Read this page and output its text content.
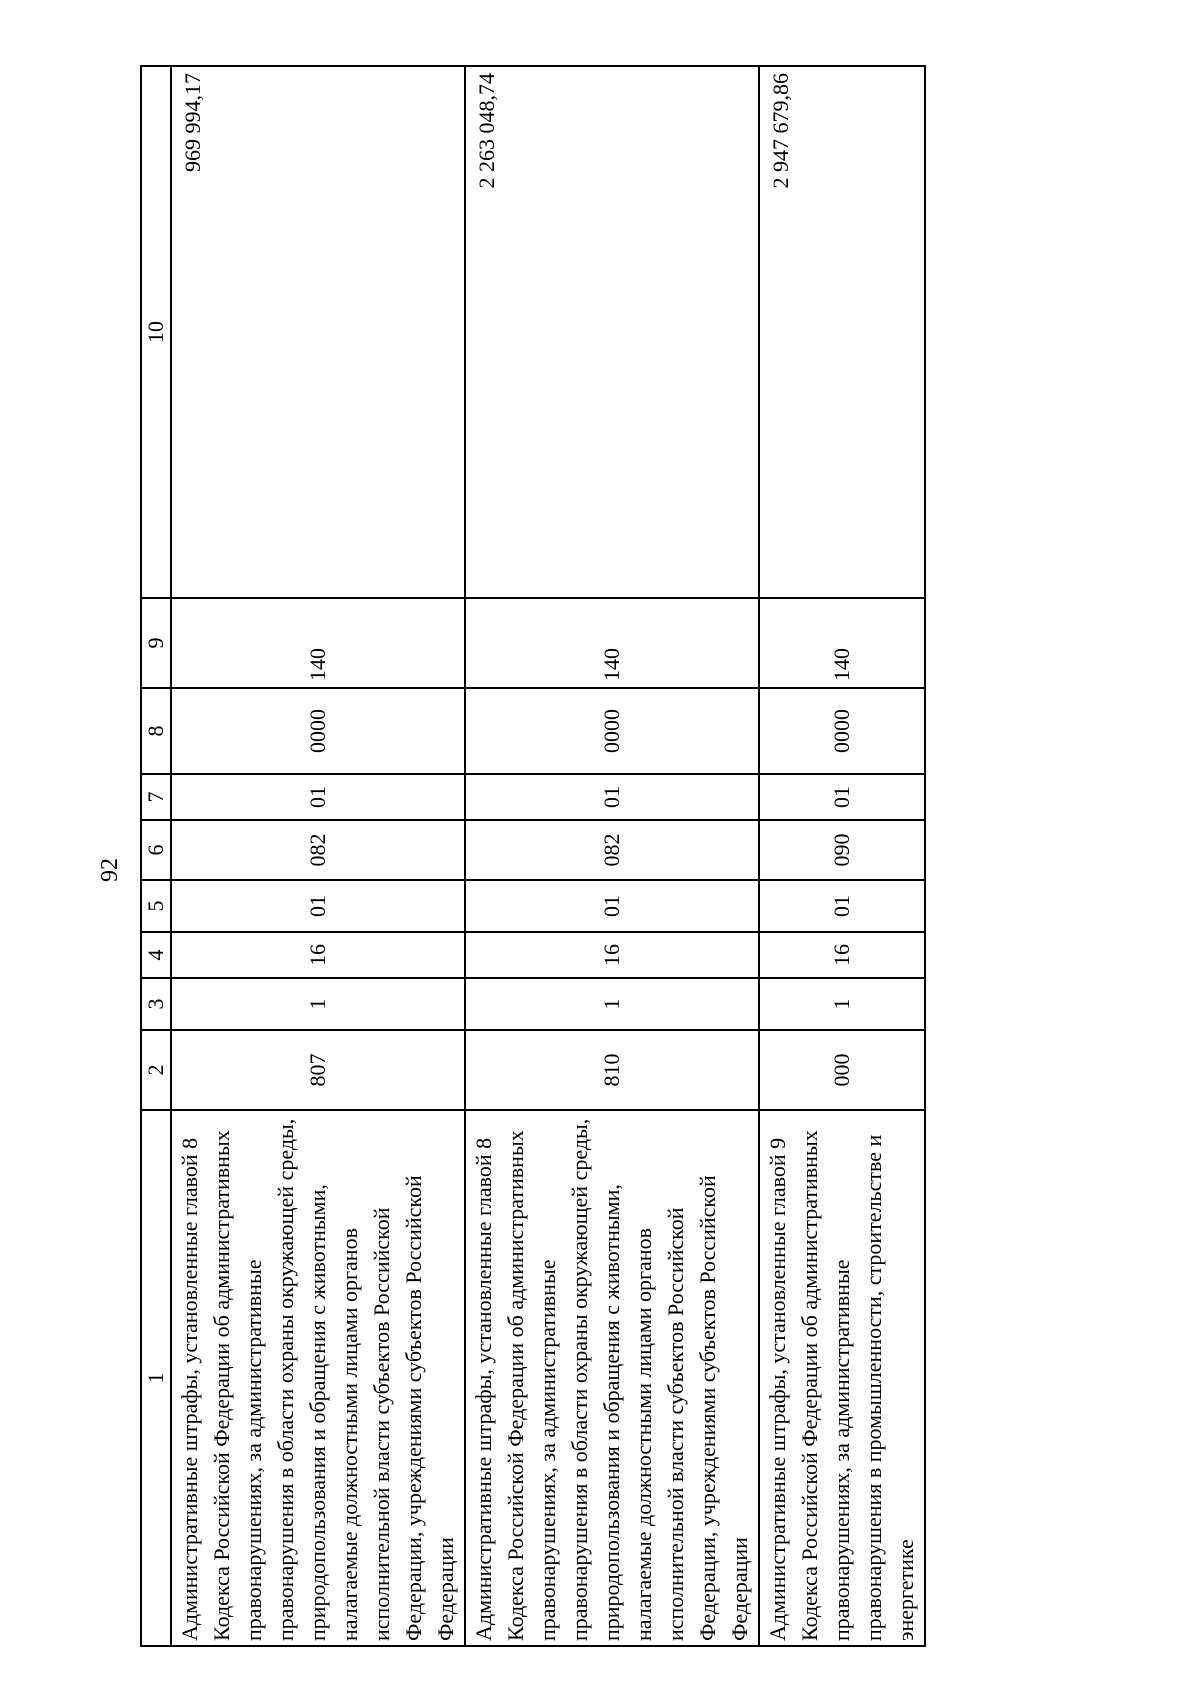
92
1	2	3	4	5	6	7	8	9	10
Административные штрафы, установленные главой 8 Кодекса Российской Федерации об административных правонарушениях, за административные правонарушения в области охраны окружающей среды, природопользования и обращения с животными, налагаемые должностными лицами органов исполнительной власти субъектов Российской Федерации, учреждениями субъектов Российской Федерации	807	1	16	01	082	01	0000	140	969 994,17
Административные штрафы, установленные главой 8 Кодекса Российской Федерации об административных правонарушениях, за административные правонарушения в области охраны окружающей среды, природопользования и обращения с животными, налагаемые должностными лицами органов исполнительной власти субъектов Российской Федерации, учреждениями субъектов Российской Федерации	810	1	16	01	082	01	0000	140	2 263 048,74
Административные штрафы, установленные главой 9 Кодекса Российской Федерации об административных правонарушениях, за административные правонарушения в промышленности, строительстве и энергетике	000	1	16	01	090	01	0000	140	2 947 679,86
